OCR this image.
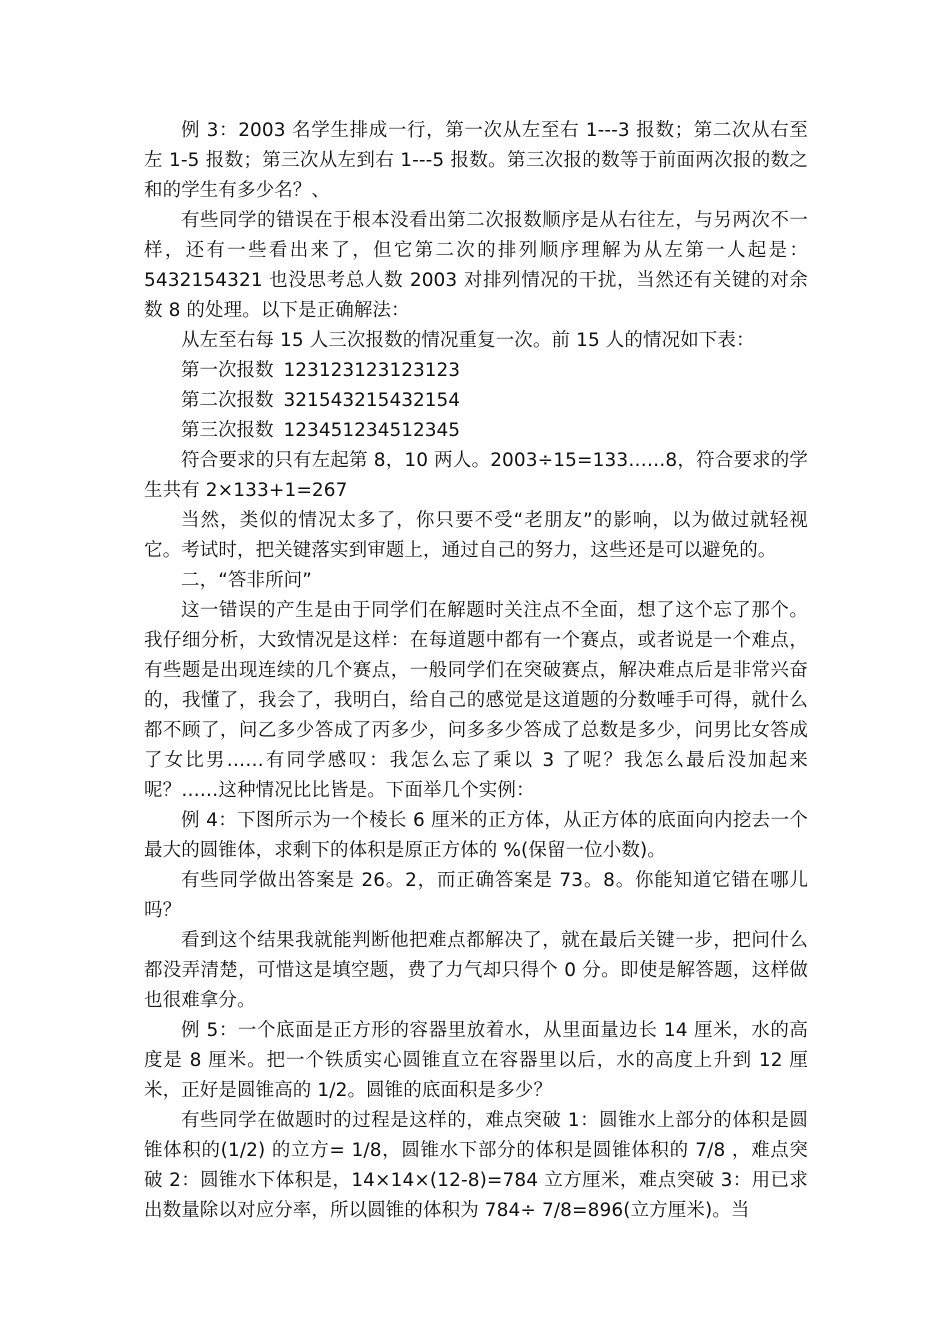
例 3：2003 名学生排成一行，第一次从左至右 1---3 报数；第二次从右至左 1-5 报数；第三次从左到右 1---5 报数。第三次报的数等于前面两次报的数之和的学生有多少名？、

有些同学的错误在于根本没看出第二次报数顺序是从右往左，与另两次不一样，还有一些看出来了，但它第二次的排列顺序理解为从左第一人起是：5432154321 也没思考总人数 2003 对排列情况的干扰，当然还有关键的对余数 8 的处理。以下是正确解法：

从左至右每 15 人三次报数的情况重复一次。前 15 人的情况如下表：

第一次报数 123123123123123
第二次报数 321543215432154
第三次报数 123451234512345

符合要求的只有左起第 8，10 两人。2003÷15=133……8，符合要求的学生共有 2×133+1=267

当然，类似的情况太多了，你只要不受“老朋友”的影响，以为做过就轻视它。考试时，把关键落实到审题上，通过自己的努力，这些还是可以避免的。

二，“答非所问”

这一错误的产生是由于同学们在解题时关注点不全面，想了这个忘了那个。我仔细分析，大致情况是这样：在每道题中都有一个赛点，或者说是一个难点，有些题是出现连续的几个赛点，一般同学们在突破赛点，解决难点后是非常兴奋的，我懂了，我会了，我明白，给自己的感觉是这道题的分数唾手可得，就什么都不顾了，问乙多少答成了丙多少，问多多少答成了总数是多少，问男比女答成了女比男……有同学感叹：我怎么忘了乘以 3 了呢？我怎么最后没加起来呢？……这种情况比比皆是。下面举几个实例：

例 4：下图所示为一个棱长 6 厘米的正方体，从正方体的底面向内挖去一个最大的圆锥体，求剩下的体积是原正方体的 %(保留一位小数)。

有些同学做出答案是 26。2，而正确答案是 73。8。你能知道它错在哪儿吗？

看到这个结果我就能判断他把难点都解决了，就在最后关键一步，把问什么都没弄清楚，可惜这是填空题，费了力气却只得个 0 分。即使是解答题，这样做也很难拿分。

例 5：一个底面是正方形的容器里放着水，从里面量边长 14 厘米，水的高度是 8 厘米。把一个铁质实心圆锥直立在容器里以后，水的高度上升到 12 厘米，正好是圆锥高的 1/2。圆锥的底面积是多少？

有些同学在做题时的过程是这样的，难点突破 1：圆锥水上部分的体积是圆锥体积的(1/2) 的立方= 1/8，圆锥水下部分的体积是圆锥体积的 7/8 ，难点突破 2：圆锥水下体积是，14×14×(12-8)=784 立方厘米，难点突破 3：用已求出数量除以对应分率，所以圆锥的体积为 784÷ 7/8=896(立方厘米)。当
